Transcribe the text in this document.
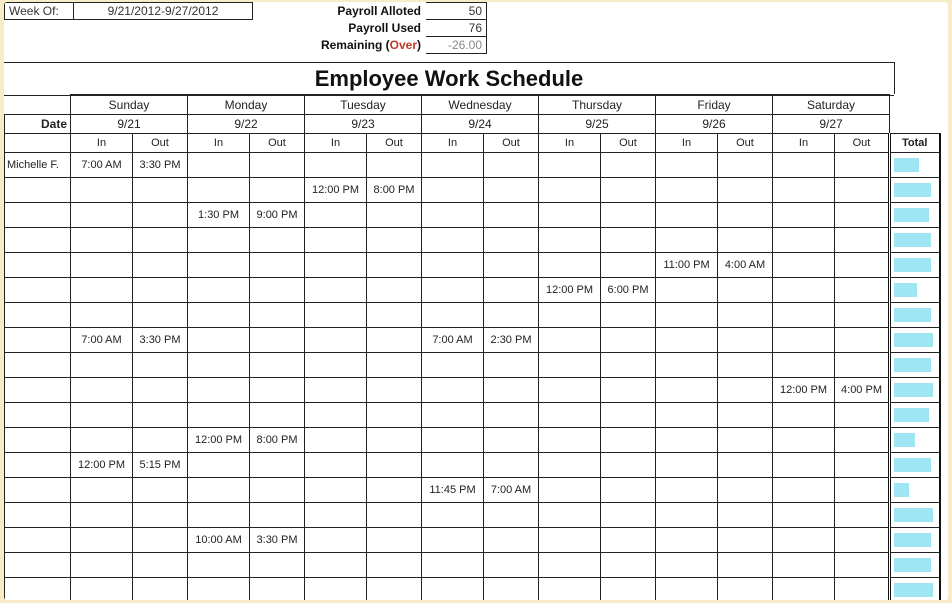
Week Of:	9/21/2012-9/27/2012	Payroll Alloted	50
Payroll Used	76
Remaining (Over)	-26.00
Employee Work Schedule
	Sunday		Monday		Tuesday		Wednesday		Thursday		Friday		Saturday		
Date	9/21		9/22		9/23		9/24		9/25		9/26		9/27		
	In	Out	In	Out	In	Out	In	Out	In	Out	In	Out	In	Out	Total
Michelle F.	7:00 AM	3:30 PM													

					12:00 PM	8:00 PM									

			1:30 PM	9:00 PM											

											11:00 PM	4:00 AM			

									12:00 PM	6:00 PM					

	7:00 AM	3:30 PM					7:00 AM	2:30 PM							

													12:00 PM	4:00 PM	

			12:00 PM	8:00 PM											

	12:00 PM	5:15 PM													

							11:45 PM	7:00 AM							

			10:00 AM	3:30 PM											
